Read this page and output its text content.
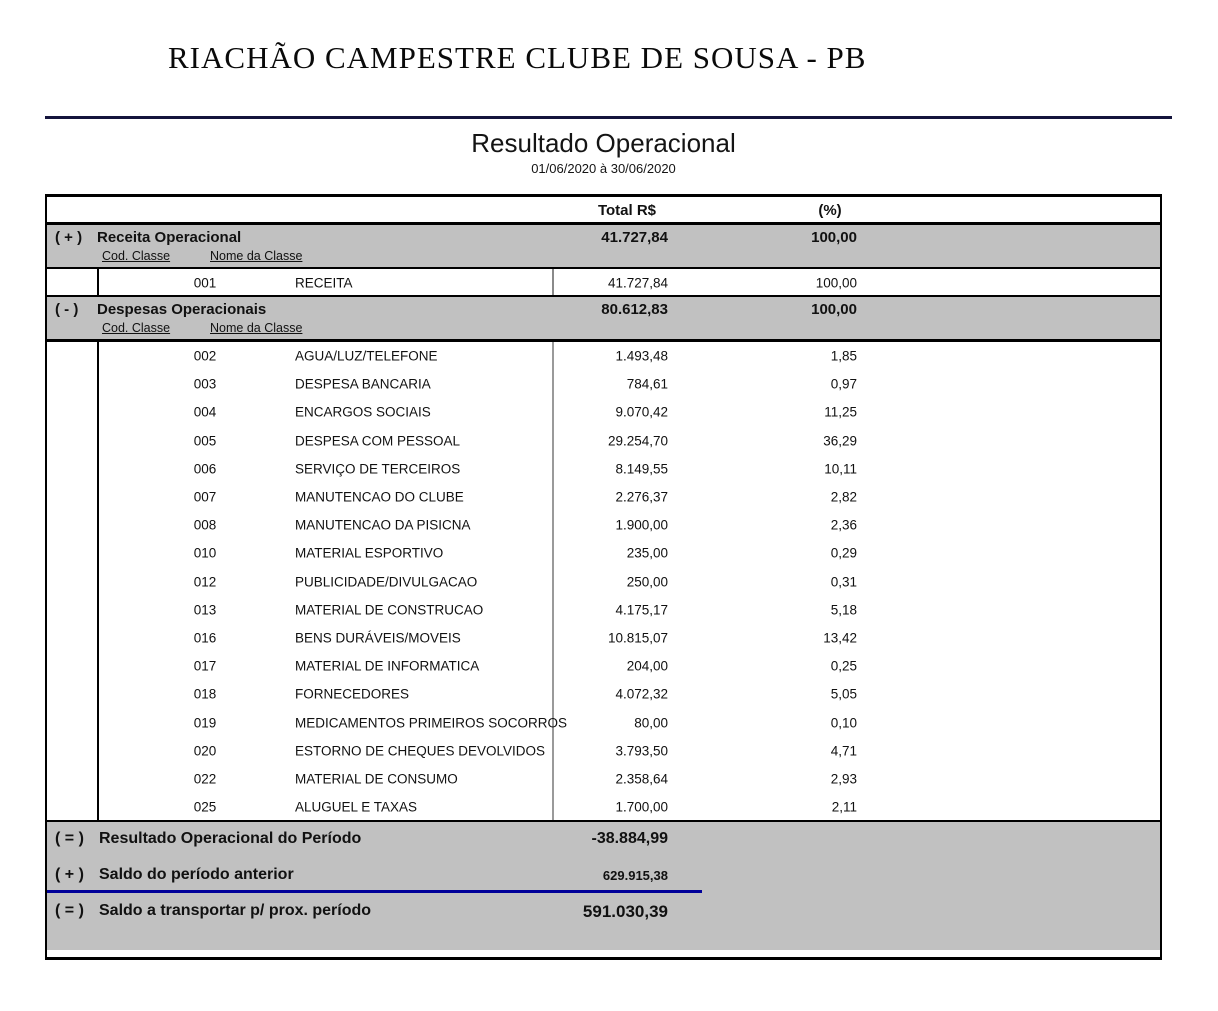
RIACHÃO CAMPESTRE CLUBE DE SOUSA - PB
Resultado Operacional
01/06/2020 à 30/06/2020
Total R$	(%)
( + ) Receita Operacional	41.727,84	100,00
Cod. Classe	Nome da Classe
001	RECEITA	41.727,84	100,00
( - ) Despesas Operacionais	80.612,83	100,00
Cod. Classe	Nome da Classe
002	AGUA/LUZ/TELEFONE	1.493,48	1,85
003	DESPESA BANCARIA	784,61	0,97
004	ENCARGOS SOCIAIS	9.070,42	11,25
005	DESPESA COM PESSOAL	29.254,70	36,29
006	SERVIÇO DE TERCEIROS	8.149,55	10,11
007	MANUTENCAO DO CLUBE	2.276,37	2,82
008	MANUTENCAO DA PISICNA	1.900,00	2,36
010	MATERIAL ESPORTIVO	235,00	0,29
012	PUBLICIDADE/DIVULGACAO	250,00	0,31
013	MATERIAL DE CONSTRUCAO	4.175,17	5,18
016	BENS DURÁVEIS/MOVEIS	10.815,07	13,42
017	MATERIAL DE INFORMATICA	204,00	0,25
018	FORNECEDORES	4.072,32	5,05
019	MEDICAMENTOS PRIMEIROS SOCORROS	80,00	0,10
020	ESTORNO DE CHEQUES DEVOLVIDOS	3.793,50	4,71
022	MATERIAL DE CONSUMO	2.358,64	2,93
025	ALUGUEL E TAXAS	1.700,00	2,11
( = ) Resultado Operacional do Período	-38.884,99
( + ) Saldo do período anterior	629.915,38
( = ) Saldo a transportar p/ prox. período	591.030,39
